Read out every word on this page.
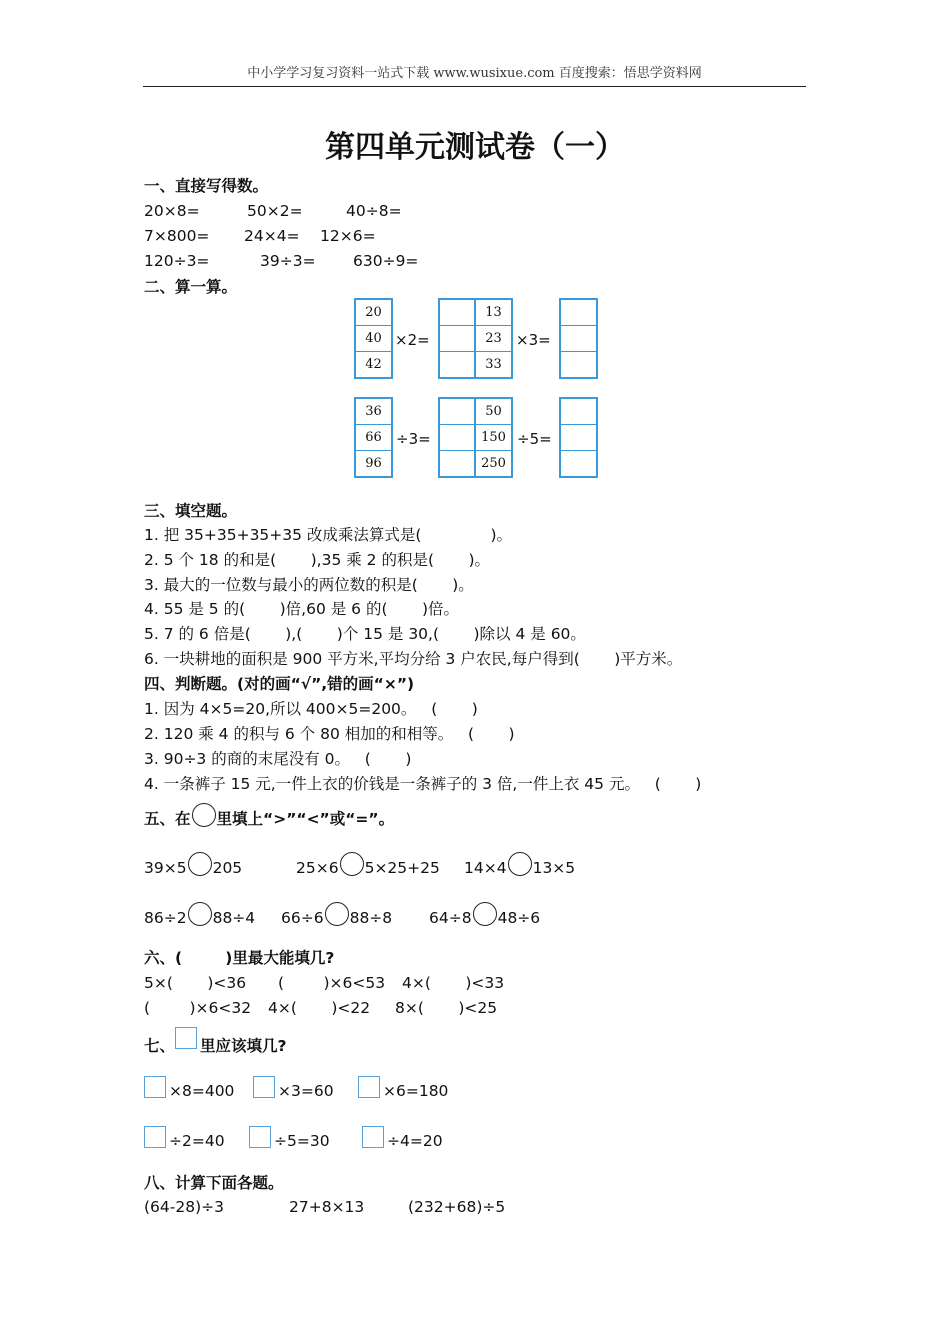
中小学学习复习资料一站式下载 www.wusixue.com 百度搜索：悟思学资料网
第四单元测试卷（一）
一、直接写得数。
20×8=	50×2=	40÷8=
7×800= 24×4= 12×6=
120÷3=	39÷3= 630÷9=
二、算一算。
20
40
42
×2=
13
23
33
×3=
36
66
96
÷3=
50
150
250
÷5=
三、填空题。
1. 把 35+35+35+35 改成乘法算式是(              )。
2. 5 个 18 的和是(       ),35 乘 2 的积是(       )。
3. 最大的一位数与最小的两位数的积是(       )。
4. 55 是 5 的(       )倍,60 是 6 的(       )倍。
5. 7 的 6 倍是(       ),(       )个 15 是 30,(       )除以 4 是 60。
6. 一块耕地的面积是 900 平方米,平均分给 3 户农民,每户得到(       )平方米。
四、判断题。(对的画“√”,错的画“×”)
1. 因为 4×5=20,所以 400×5=200。   (       )
2. 120 乘 4 的积与 6 个 80 相加的和相等。   (       )
3. 90÷3 的商的末尾没有 0。   (       )
4. 一条裤子 15 元,一件上衣的价钱是一条裤子的 3 倍,一件上衣 45 元。   (       )
五、在 里填上“>”“<”或“=”。
39×5 205	25×6 5×25+25 14×4 13×5
86÷2 88÷4 66÷6 88÷8 64÷8 48÷6
六、(        )里最大能填几?
5×(       )<36 (        )×6<53 4×(       )<33
(        )×6<32 4×(       )<22 8×(       )<25
七、 里应该填几?
×8=400	×3=60	×6=180
÷2=40	÷5=30	÷4=20
八、计算下面各题。
(64-28)÷3	27+8×13	(232+68)÷5
